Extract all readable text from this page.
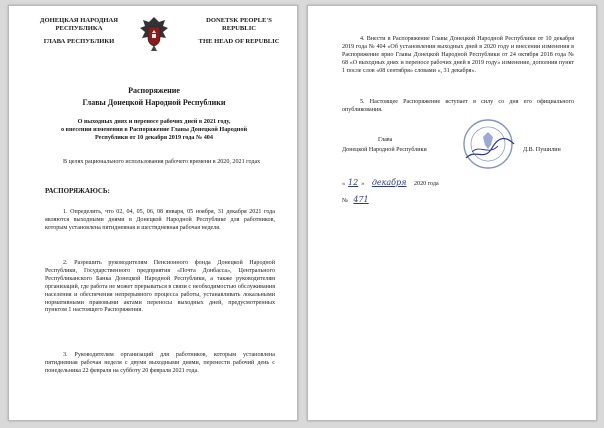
ДОНЕЦКАЯ НАРОДНАЯ
РЕСПУБЛИКА
ГЛАВА РЕСПУБЛИКИ
DONETSK PEOPLE'S
REPUBLIC
THE HEAD OF REPUBLIC
Распоряжение
Главы Донецкой Народной Республики
О выходных днях и переносе рабочих дней в 2021 году,
о внесении изменения в Распоряжение Главы Донецкой Народной
Республики от 10 декабря 2019 года № 404
В целях рационального использования рабочего времени в 2020, 2021 годах
РАСПОРЯЖАЮСЬ:
1. Определить, что 02, 04, 05, 06, 08 января, 05 ноября, 31 декабря 2021 года являются выходными днями в Донецкой Народной Республике для работников, которым установлена пятидневная и шестидневная рабочая неделя.
2. Разрешить руководителям Пенсионного фонда Донецкой Народной Республики, Государственного предприятия «Почта Донбасса», Центрального Республиканского Банка Донецкой Народной Республики, а также руководителям организаций, где работа не может прерываться в связи с необходимостью обслуживания населения и обеспечения непрерывного процесса работы, устанавливать локальными нормативными правовыми актами переносы выходных дней, предусмотренных пунктом 1 настоящего Распоряжения.
3. Руководителям организаций для работников, которым установлена пятидневная рабочая неделя с двумя выходными днями, перенести рабочий день с понедельника 22 февраля на субботу 20 февраля 2021 года.
4. Внести в Распоряжение Главы Донецкой Народной Республики от 10 декабря 2019 года № 404 «Об установлении выходных дней в 2020 году и внесении изменения в Распоряжение врио Главы Донецкой Народной Республики от 24 октября 2018 года № 68 «О выходных днях и переносе рабочих дней в 2019 году» изменение, дополнив пункт 1 после слов «08 сентября» словами «, 31 декабря».
5. Настоящее Распоряжение вступает в силу со дня его официального опубликования.
Глава
Донецкой Народной Республики	Д.В. Пушилин
« 12 » декабря 2020 года
№ 471
